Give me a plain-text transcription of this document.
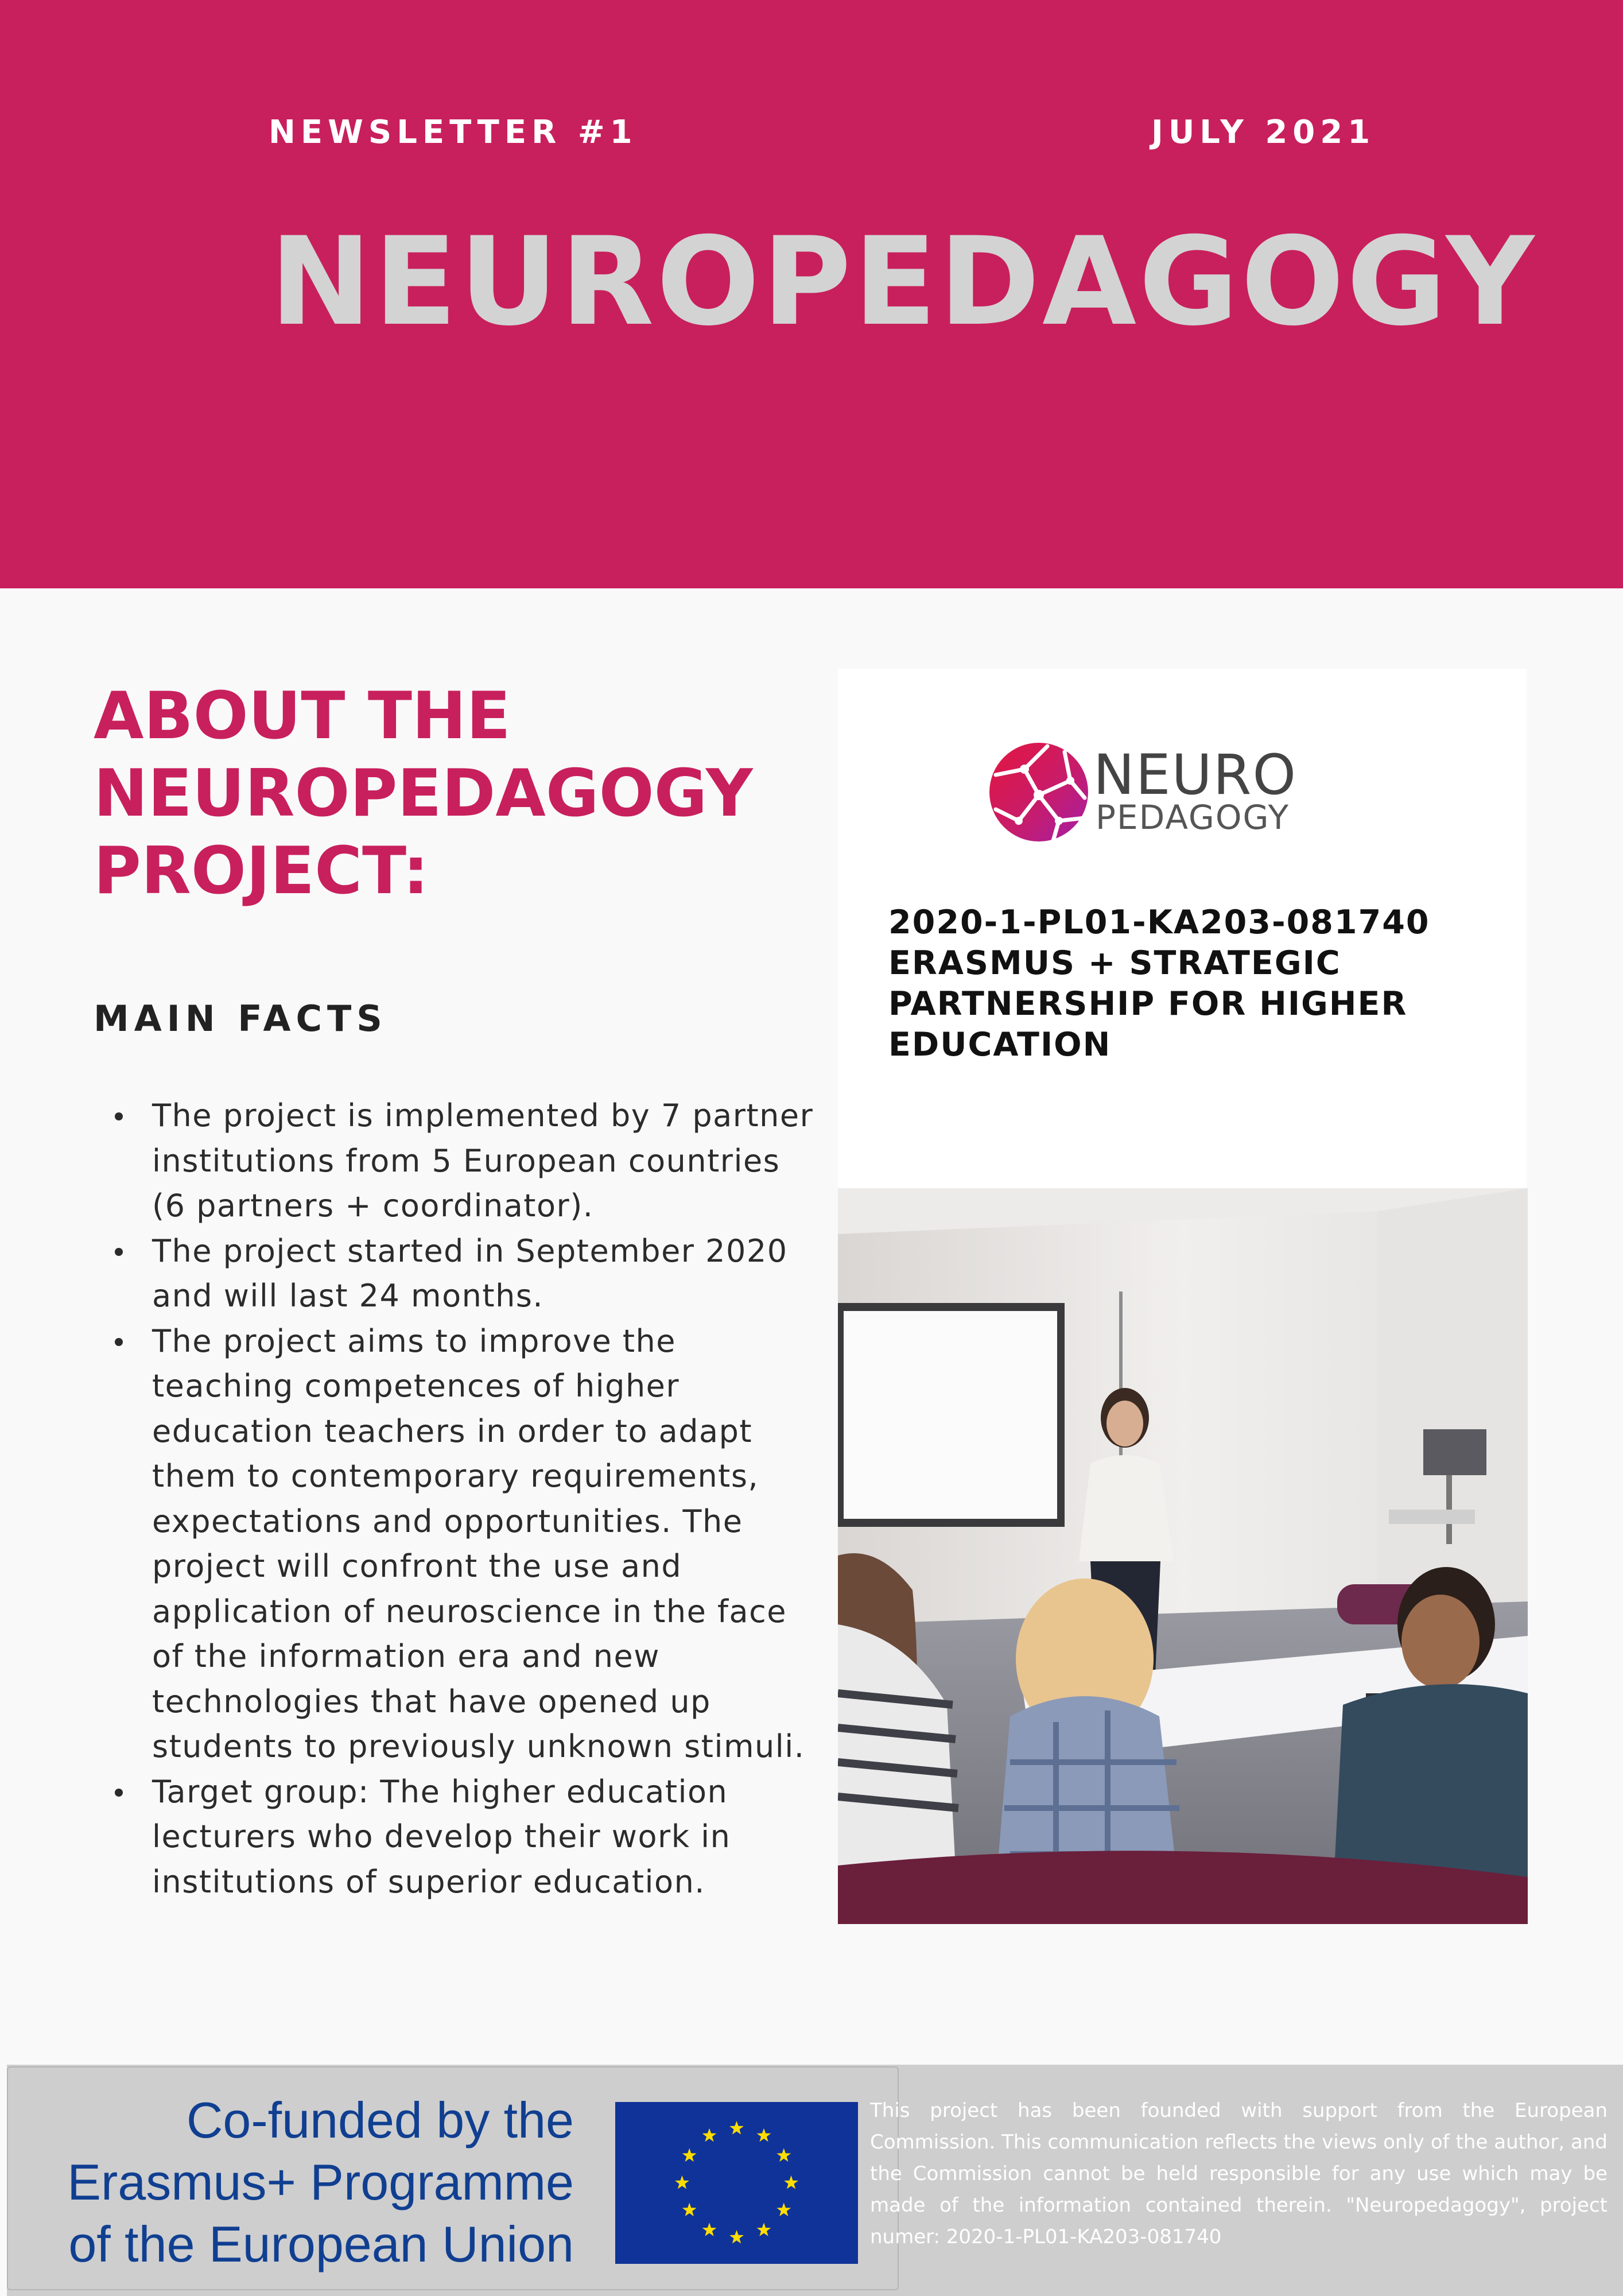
NEWSLETTER #1	JULY 2021
NEUROPEDAGOGY
ABOUT THE
NEUROPEDAGOGY
PROJECT:
MAIN FACTS
The project is implemented by 7 partner institutions from 5 European countries (6 partners + coordinator).
The project started in September 2020 and will last 24 months.
The project aims to improve the teaching competences of higher education teachers in order to adapt them to contemporary requirements, expectations and opportunities. The project will confront the use and application of neuroscience in the face of the information era and new technologies that have opened up students to previously unknown stimuli.
Target group: The higher education lecturers who develop their work in institutions of superior education.
NEURO
PEDAGOGY

2020-1-PL01-KA203-081740
ERASMUS + STRATEGIC
PARTNERSHIP FOR HIGHER
EDUCATION

Co-funded by the
Erasmus+ Programme
of the European Union

This project has been founded with support from the European Commission. This communication reflects the views only of the author, and the Commission cannot be held responsible for any use which may be made of the information contained therein. "Neuropedagogy", project numer: 2020-1-PL01-KA203-081740
